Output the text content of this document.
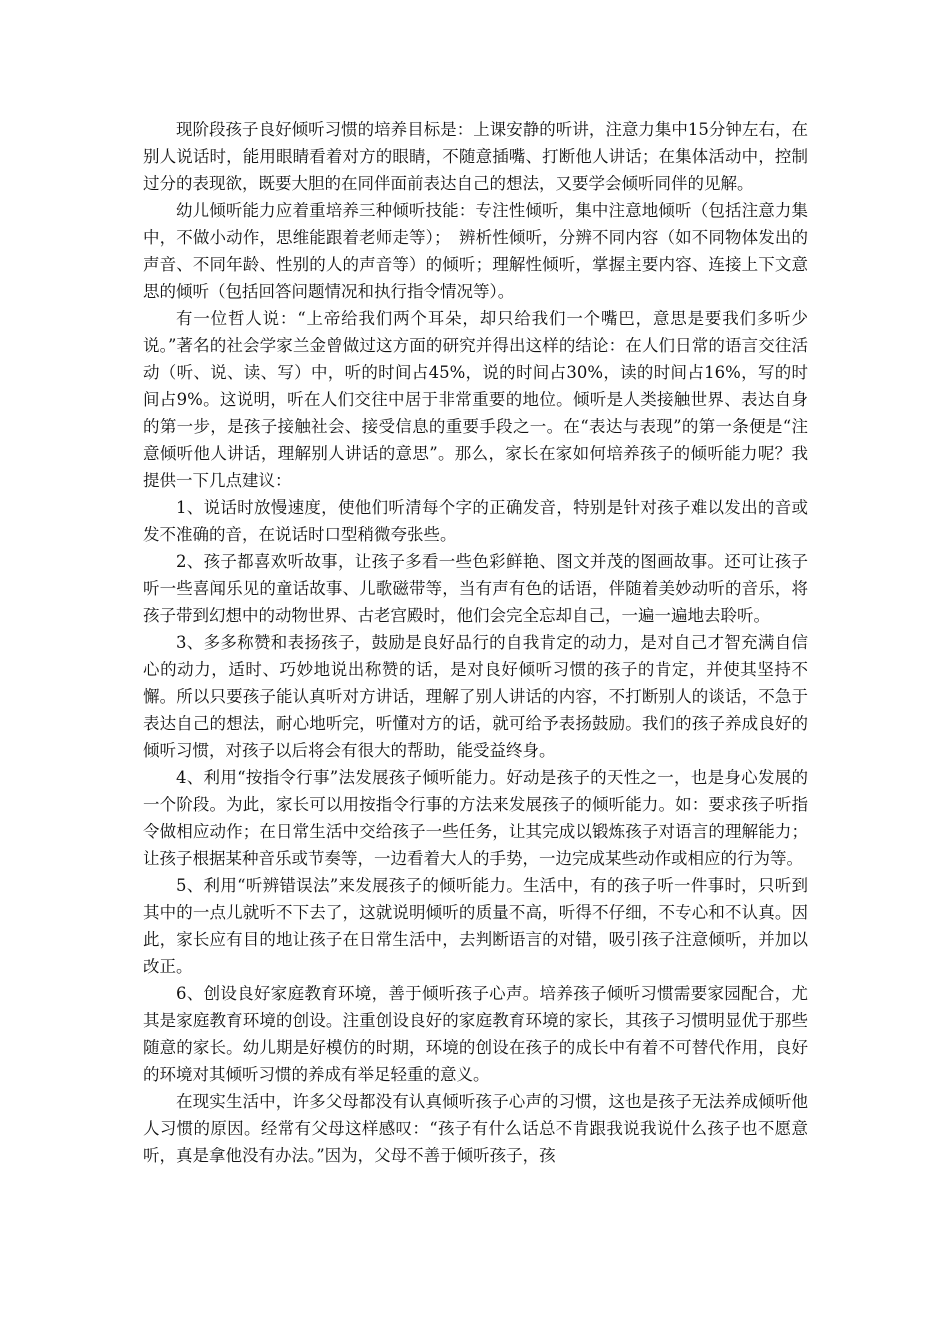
现阶段孩子良好倾听习惯的培养目标是：上课安静的听讲，注意力集中15分钟左右，在别人说话时，能用眼睛看着对方的眼睛，不随意插嘴、打断他人讲话；在集体活动中，控制过分的表现欲，既要大胆的在同伴面前表达自己的想法，又要学会倾听同伴的见解。

幼儿倾听能力应着重培养三种倾听技能：专注性倾听，集中注意地倾听（包括注意力集中，不做小动作，思维能跟着老师走等）；　辨析性倾听，分辨不同内容（如不同物体发出的声音、不同年龄、性别的人的声音等）的倾听；理解性倾听，掌握主要内容、连接上下文意思的倾听（包括回答问题情况和执行指令情况等）。

有一位哲人说：“上帝给我们两个耳朵，却只给我们一个嘴巴，意思是要我们多听少说。”著名的社会学家兰金曾做过这方面的研究并得出这样的结论：在人们日常的语言交往活动（听、说、读、写）中，听的时间占45%，说的时间占30%，读的时间占16%，写的时间占9%。这说明，听在人们交往中居于非常重要的地位。倾听是人类接触世界、表达自身的第一步，是孩子接触社会、接受信息的重要手段之一。在“表达与表现”的第一条便是“注意倾听他人讲话，理解别人讲话的意思”。那么，家长在家如何培养孩子的倾听能力呢？我提供一下几点建议：

1、说话时放慢速度，使他们听清每个字的正确发音，特别是针对孩子难以发出的音或发不准确的音，在说话时口型稍微夸张些。

2、孩子都喜欢听故事，让孩子多看一些色彩鲜艳、图文并茂的图画故事。还可让孩子听一些喜闻乐见的童话故事、儿歌磁带等，当有声有色的话语，伴随着美妙动听的音乐，将孩子带到幻想中的动物世界、古老宫殿时，他们会完全忘却自己，一遍一遍地去聆听。

3、多多称赞和表扬孩子，鼓励是良好品行的自我肯定的动力，是对自己才智充满自信心的动力，适时、巧妙地说出称赞的话，是对良好倾听习惯的孩子的肯定，并使其坚持不懈。所以只要孩子能认真听对方讲话，理解了别人讲话的内容，不打断别人的谈话，不急于表达自己的想法，耐心地听完，听懂对方的话，就可给予表扬鼓励。我们的孩子养成良好的倾听习惯，对孩子以后将会有很大的帮助，能受益终身。

4、利用“按指令行事”法发展孩子倾听能力。好动是孩子的天性之一，也是身心发展的一个阶段。为此，家长可以用按指令行事的方法来发展孩子的倾听能力。如：要求孩子听指令做相应动作；在日常生活中交给孩子一些任务，让其完成以锻炼孩子对语言的理解能力；让孩子根据某种音乐或节奏等，一边看着大人的手势，一边完成某些动作或相应的行为等。

5、利用“听辨错误法”来发展孩子的倾听能力。生活中，有的孩子听一件事时，只听到其中的一点儿就听不下去了，这就说明倾听的质量不高，听得不仔细，不专心和不认真。因此，家长应有目的地让孩子在日常生活中，去判断语言的对错，吸引孩子注意倾听，并加以改正。

6、创设良好家庭教育环境，善于倾听孩子心声。培养孩子倾听习惯需要家园配合，尤其是家庭教育环境的创设。注重创设良好的家庭教育环境的家长，其孩子习惯明显优于那些随意的家长。幼儿期是好模仿的时期，环境的创设在孩子的成长中有着不可替代作用，良好的环境对其倾听习惯的养成有举足轻重的意义。

在现实生活中，许多父母都没有认真倾听孩子心声的习惯，这也是孩子无法养成倾听他人习惯的原因。经常有父母这样感叹：“孩子有什么话总不肯跟我说我说什么孩子也不愿意听，真是拿他没有办法。”因为，父母不善于倾听孩子，孩
